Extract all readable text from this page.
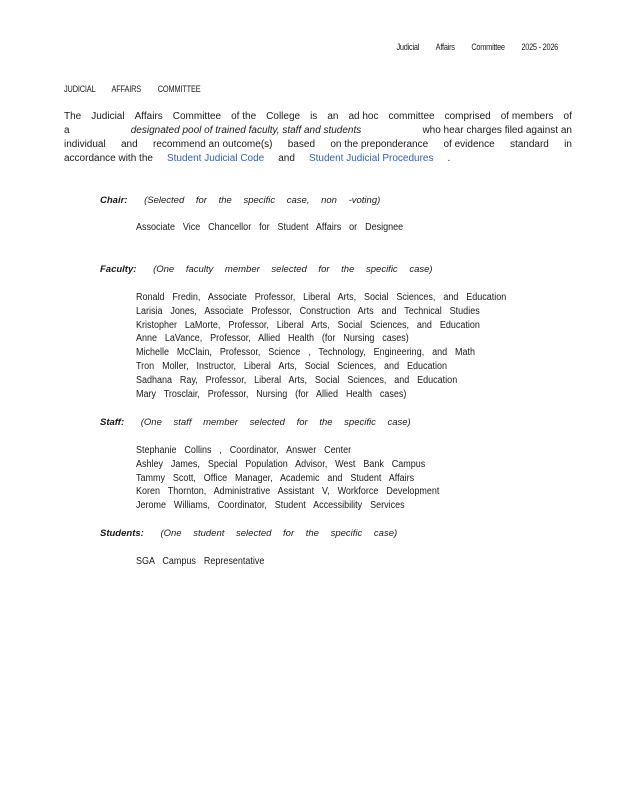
Judicial Affairs Committee 2025 - 2026
JUDICIAL AFFAIRS COMMITTEE
The Judicial Affairs Committee of the College is an ad hoc committee comprised of members of
a	designated pool of trained faculty, staff and students	who hear charges filed against an
individual and recommend an outcome(s) based on the preponderance of evidence standard in
accordance with the Student Judicial Code and Student Judicial Procedures .
Chair: (Selected for the specific case, non -voting)
Associate Vice Chancellor for Student Affairs or Designee
Faculty: (One faculty member selected for the specific case)
Ronald Fredin, Associate Professor, Liberal Arts, Social Sciences, and Education
Larisia Jones, Associate Professor, Construction Arts and Technical Studies
Kristopher LaMorte, Professor, Liberal Arts, Social Sciences, and Education
Anne LaVance, Professor, Allied Health (for Nursing cases)
Michelle McClain, Professor, Science , Technology, Engineering, and Math
Tron Moller, Instructor, Liberal Arts, Social Sciences, and Education
Sadhana Ray, Professor, Liberal Arts, Social Sciences, and Education
Mary Trosclair, Professor, Nursing (for Allied Health cases)
Staff: (One staff member selected for the specific case)
Stephanie Collins , Coordinator, Answer Center
Ashley James, Special Population Advisor, West Bank Campus
Tammy Scott, Office Manager, Academic and Student Affairs
Koren Thornton, Administrative Assistant V, Workforce Development
Jerome Williams, Coordinator, Student Accessibility Services
Students: (One student selected for the specific case)
SGA Campus Representative
